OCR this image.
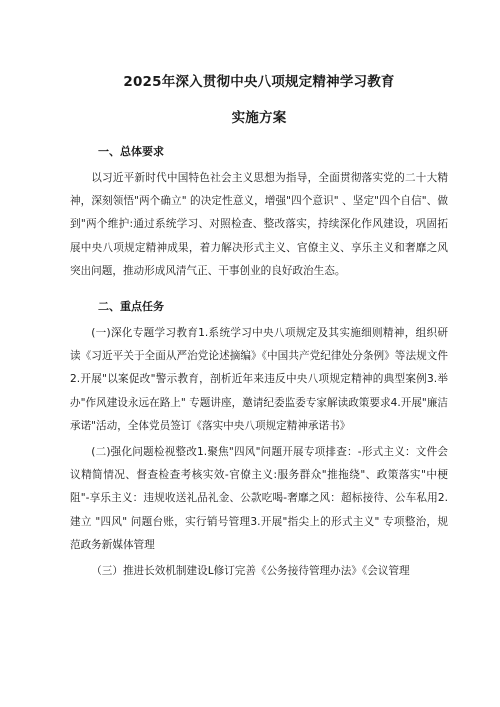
2025年深入贯彻中央八项规定精神学习教育
实施方案
一、总体要求

以习近平新时代中国特色社会主义思想为指导，全面贯彻落实党的二十大精神，深刻领悟"两个确立" 的决定性意义，增强"四个意识" 、坚定"四个自信"、做到"两个维护:通过系统学习、对照检查、整改落实，持续深化作风建设，巩固拓展中央八项规定精神成果，着力解决形式主义、官僚主义、享乐主义和奢靡之风突出问题，推动形成风清气正、干事创业的良好政治生态。

二、重点任务

(一)深化专题学习教育1.系统学习中央八项规定及其实施细则精神，组织研读《习近平关于全面从严治党论述摘编》《中国共产党纪律处分条例》等法规文件2.开展"以案促改"警示教育，剖析近年来违反中央八项规定精神的典型案例3.举办"作风建设永远在路上" 专题讲座，邀请纪委监委专家解读政策要求4.开展"廉洁承诺"活动，全体党员签订《落实中央八项规定精神承诺书》

(二)强化问题检视整改1.聚焦"四风"问题开展专项排查：-形式主义：文件会议精简情况、督查检查考核实效-官僚主义:服务群众"推拖绕"、政策落实"中梗阻"-享乐主义：违规收送礼品礼金、公款吃喝-奢靡之风：超标接待、公车私用2.建立 "四风" 问题台账，实行销号管理3.开展"指尖上的形式主义" 专项整治，规范政务新媒体管理

（三）推进长效机制建设L修订完善《公务接待管理办法》《会议管理
